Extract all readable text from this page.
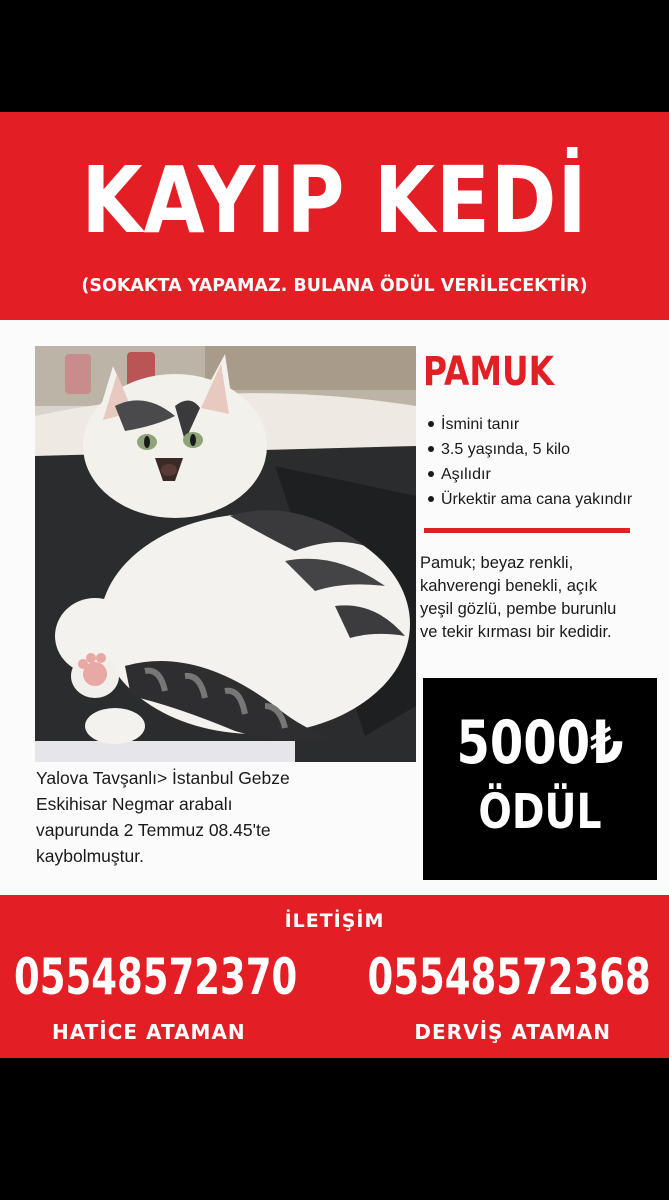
KAYIP KEDİ
(SOKAKTA YAPAMAZ. BULANA ÖDÜL VERİLECEKTİR)
PAMUK
İsmini tanır
3.5 yaşında, 5 kilo
Aşılıdır
Ürkektir ama cana yakındır
Pamuk; beyaz renkli,
kahverengi benekli, açık
yeşil gözlü, pembe burunlu
ve tekir kırması bir kedidir.
5000₺
ÖDÜL
Yalova Tavşanlı> İstanbul Gebze
Eskihisar Negmar arabalı
vapurunda 2 Temmuz 08.45'te
kaybolmuştur.
İLETİŞİM
05548572370 05548572368
HATİCE ATAMAN	DERVİŞ ATAMAN
